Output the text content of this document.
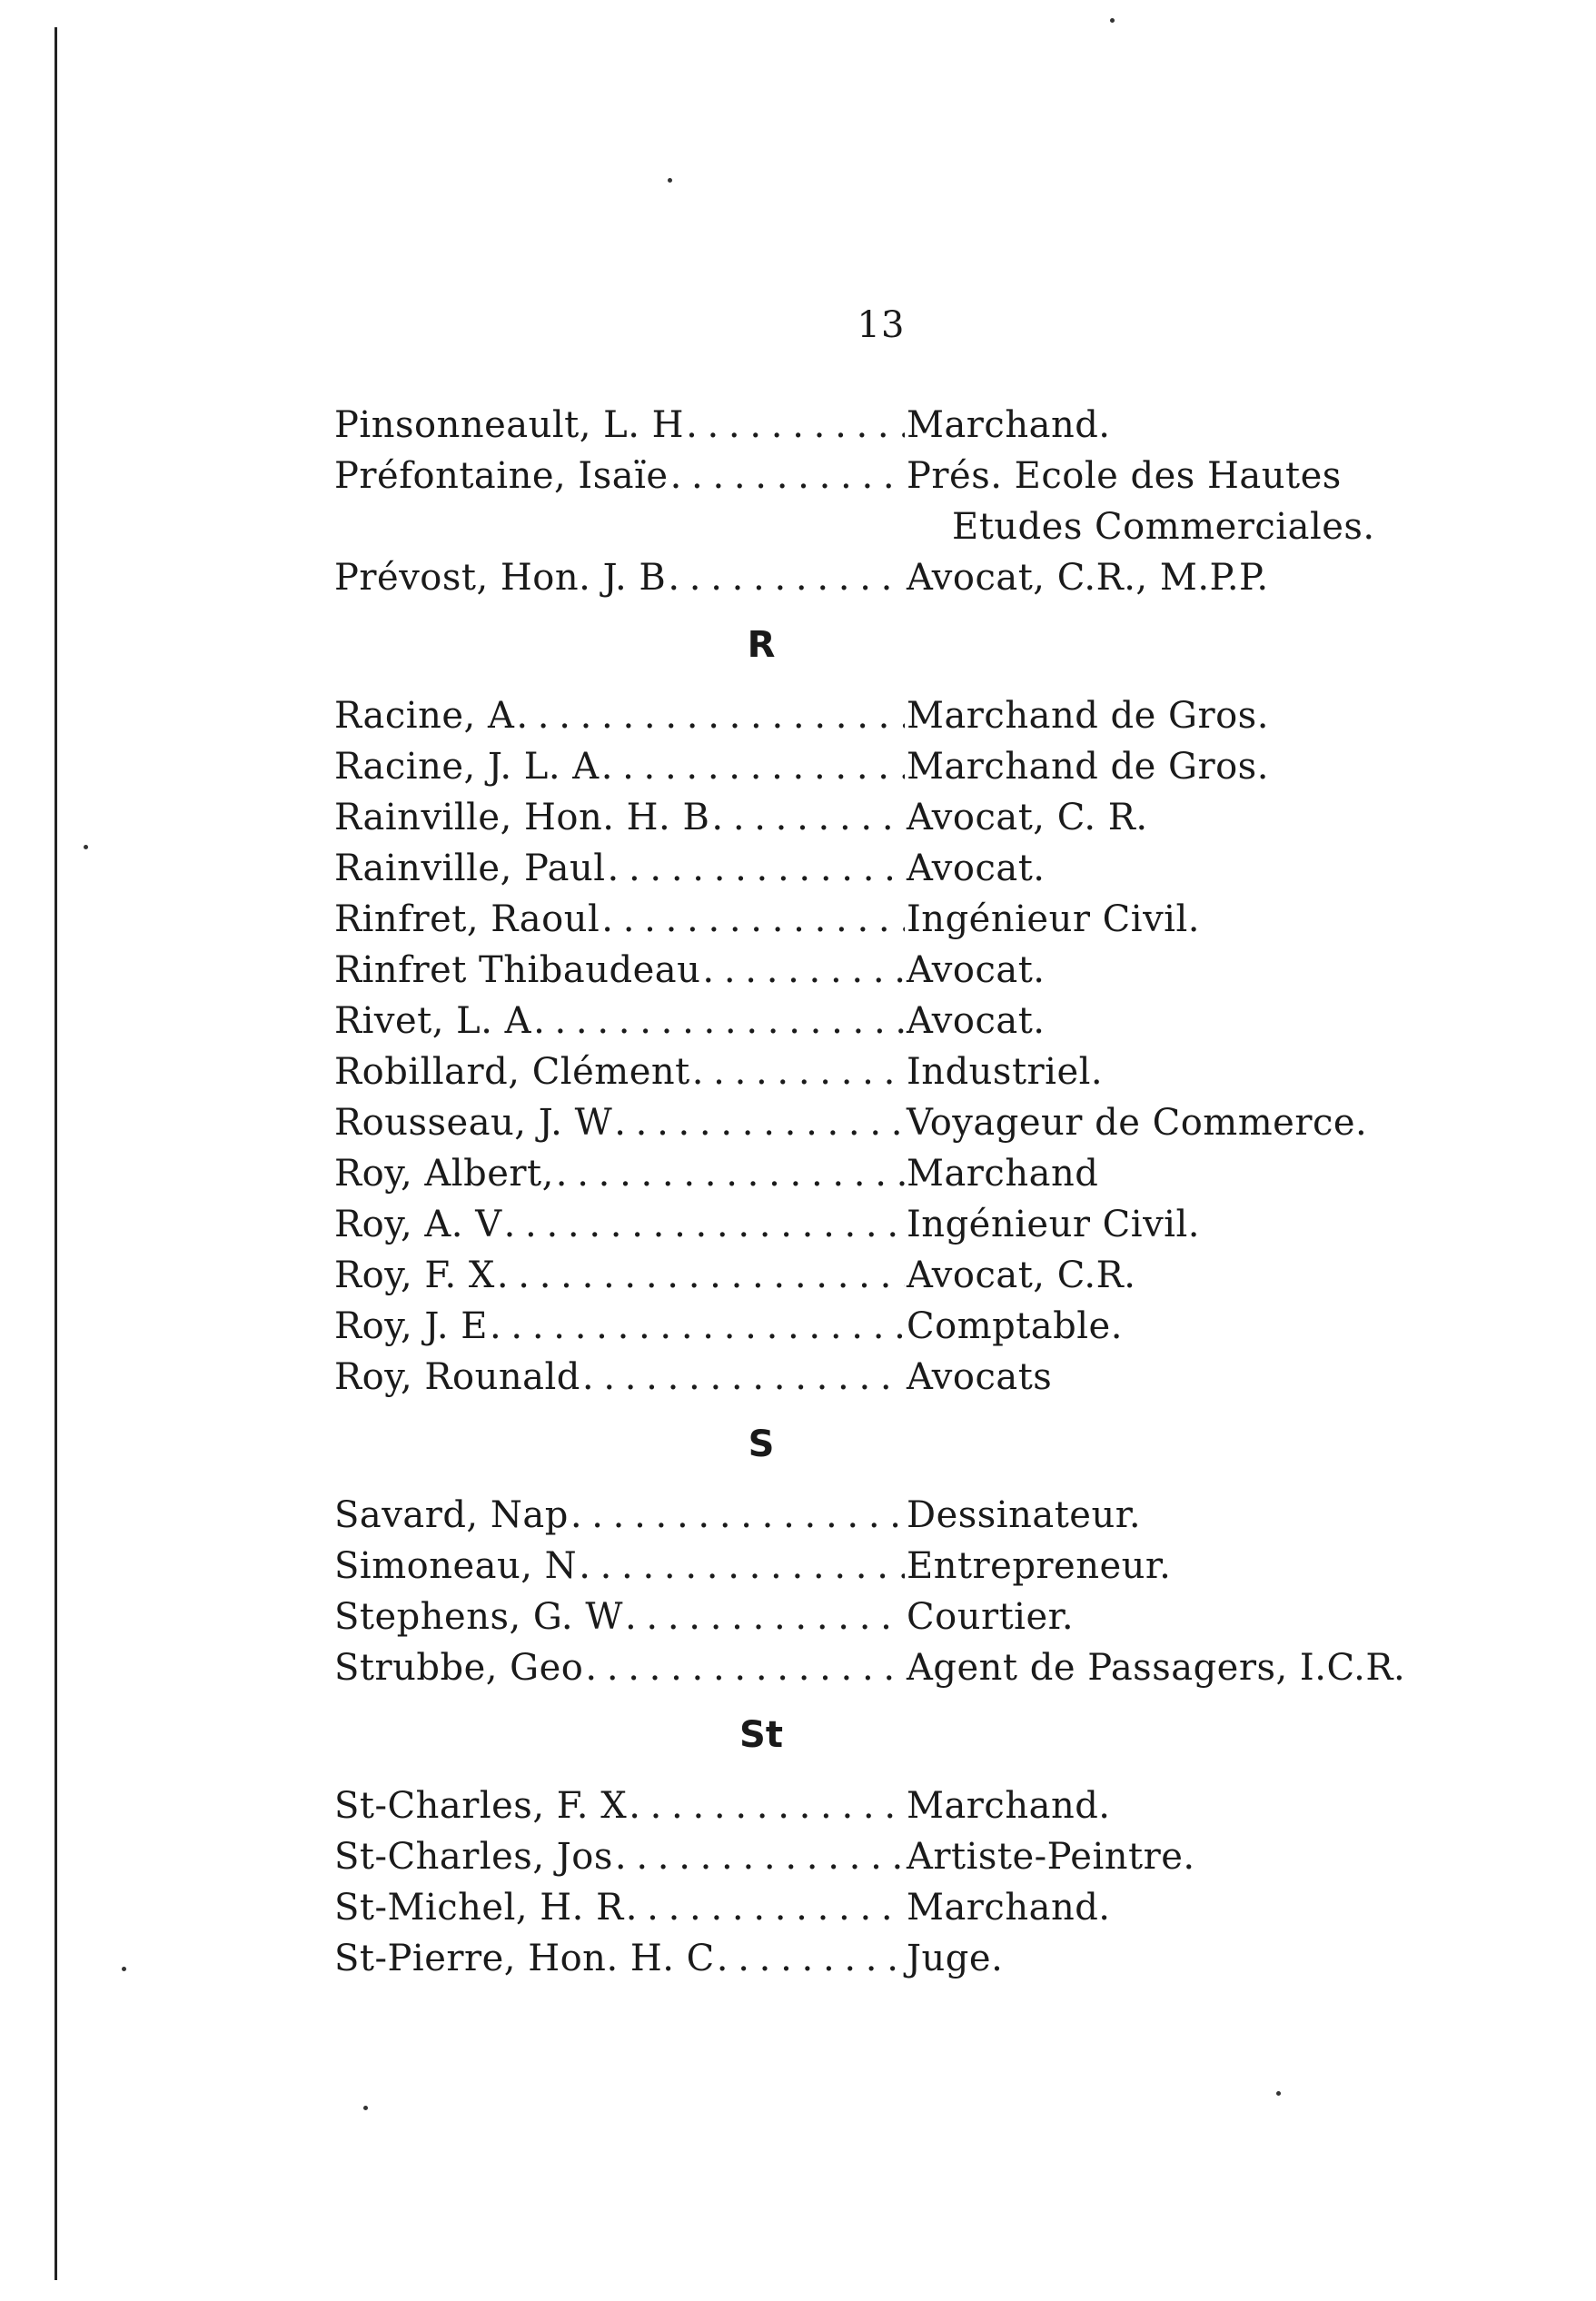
13
Pinsonneault, L. H . . .	Marchand.
Préfontaine, Isaïe . . .	Prés. Ecole des Hautes
Etudes Commerciales.
Prévost, Hon. J. B . . .	Avocat, C.R., M.P.P.
R
Racine, A . . .	Marchand de Gros.
Racine, J. L. A . . .	Marchand de Gros.
Rainville, Hon. H. B . . .	Avocat, C. R.
Rainville, Paul . . .	Avocat.
Rinfret, Raoul . . .	Ingénieur Civil.
Rinfret Thibaudeau . . .	Avocat.
Rivet, L. A . . .	Avocat.
Robillard, Clément . . .	Industriel.
Rousseau, J. W . . .	Voyageur de Commerce.
Roy, Albert, . . .	Marchand
Roy, A. V . . .	Ingénieur Civil.
Roy, F. X . . .	Avocat, C.R.
Roy, J. E . . .	Comptable.
Roy, Rounald . . .	Avocats
S
Savard, Nap . . .	Dessinateur.
Simoneau, N . . .	Entrepreneur.
Stephens, G. W . . .	Courtier.
Strubbe, Geo . . .	Agent de Passagers, I.C.R.
St
St-Charles, F. X . . .	Marchand.
St-Charles, Jos . . .	Artiste-Peintre.
St-Michel, H. R . . .	Marchand.
St-Pierre, Hon. H. C . . .	Juge.
